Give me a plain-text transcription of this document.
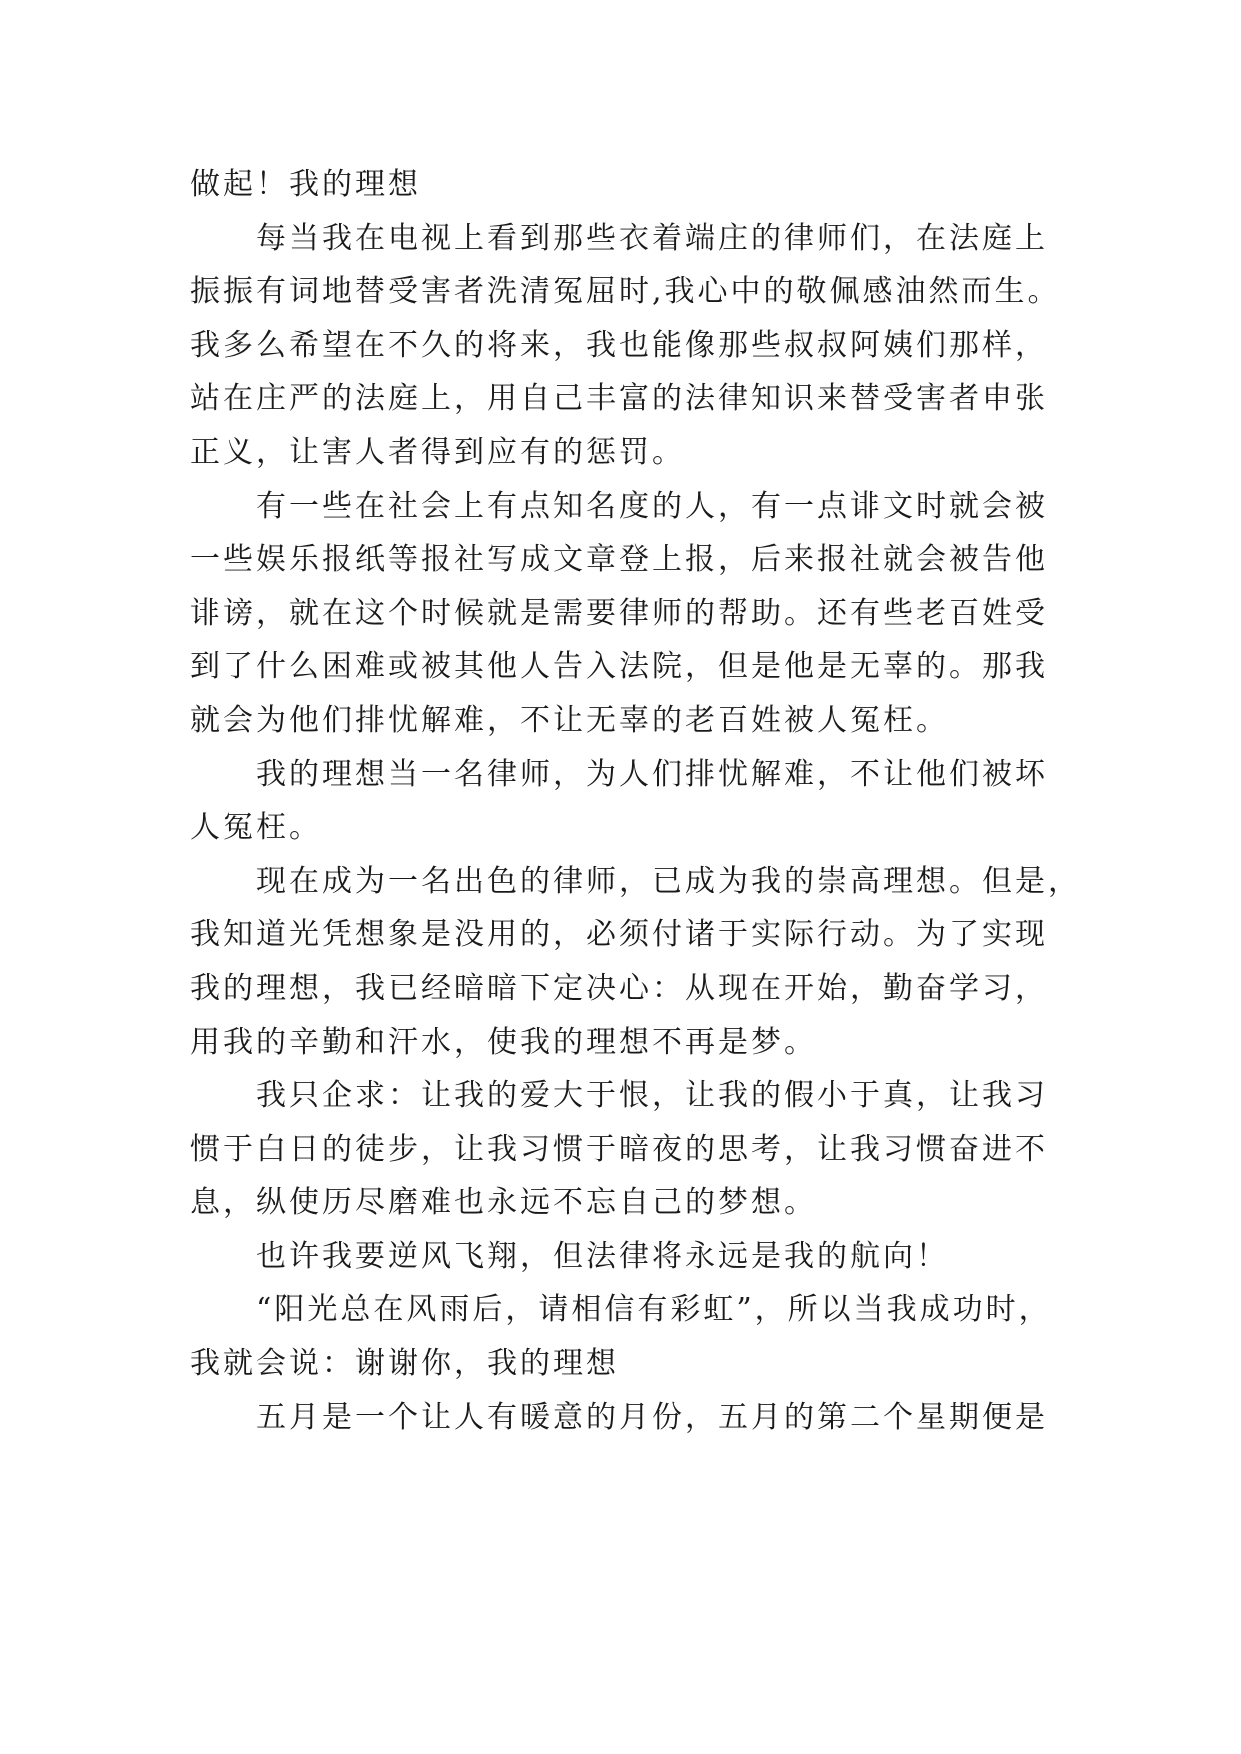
做起！我的理想
每当我在电视上看到那些衣着端庄的律师们，在法庭上
振振有词地替受害者洗清冤屈时,我心中的敬佩感油然而生。
我多么希望在不久的将来，我也能像那些叔叔阿姨们那样，
站在庄严的法庭上，用自己丰富的法律知识来替受害者申张
正义，让害人者得到应有的惩罚。
有一些在社会上有点知名度的人，有一点诽文时就会被
一些娱乐报纸等报社写成文章登上报，后来报社就会被告他
诽谤，就在这个时候就是需要律师的帮助。还有些老百姓受
到了什么困难或被其他人告入法院，但是他是无辜的。那我
就会为他们排忧解难，不让无辜的老百姓被人冤枉。
我的理想当一名律师，为人们排忧解难，不让他们被坏
人冤枉。
现在成为一名出色的律师，已成为我的崇高理想。但是，
我知道光凭想象是没用的，必须付诸于实际行动。为了实现
我的理想，我已经暗暗下定决心：从现在开始，勤奋学习，
用我的辛勤和汗水，使我的理想不再是梦。
我只企求：让我的爱大于恨，让我的假小于真，让我习
惯于白日的徒步，让我习惯于暗夜的思考，让我习惯奋进不
息，纵使历尽磨难也永远不忘自己的梦想。
也许我要逆风飞翔，但法律将永远是我的航向！
“阳光总在风雨后，请相信有彩虹”，所以当我成功时，
我就会说：谢谢你，我的理想
五月是一个让人有暖意的月份，五月的第二个星期便是
